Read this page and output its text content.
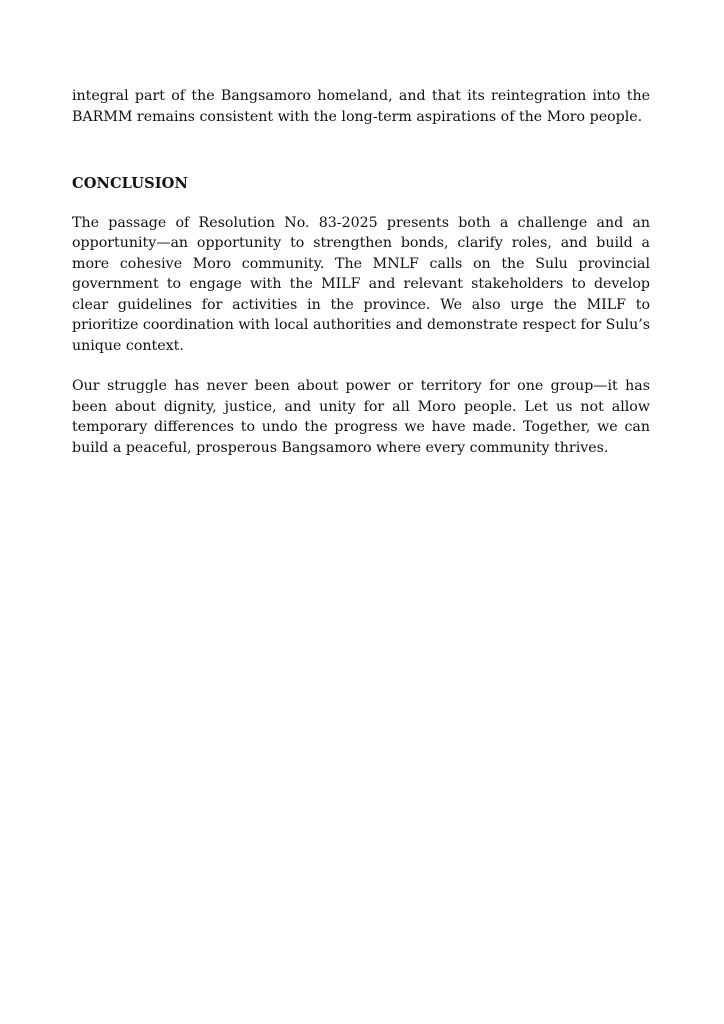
integral part of the Bangsamoro homeland, and that its reintegration into the BARMM remains consistent with the long-term aspirations of the Moro people.

CONCLUSION

The passage of Resolution No. 83-2025 presents both a challenge and an opportunity—an opportunity to strengthen bonds, clarify roles, and build a more cohesive Moro community. The MNLF calls on the Sulu provincial government to engage with the MILF and relevant stakeholders to develop clear guidelines for activities in the province. We also urge the MILF to prioritize coordination with local authorities and demonstrate respect for Sulu’s unique context.

Our struggle has never been about power or territory for one group—it has been about dignity, justice, and unity for all Moro people. Let us not allow temporary differences to undo the progress we have made. Together, we can build a peaceful, prosperous Bangsamoro where every community thrives.
